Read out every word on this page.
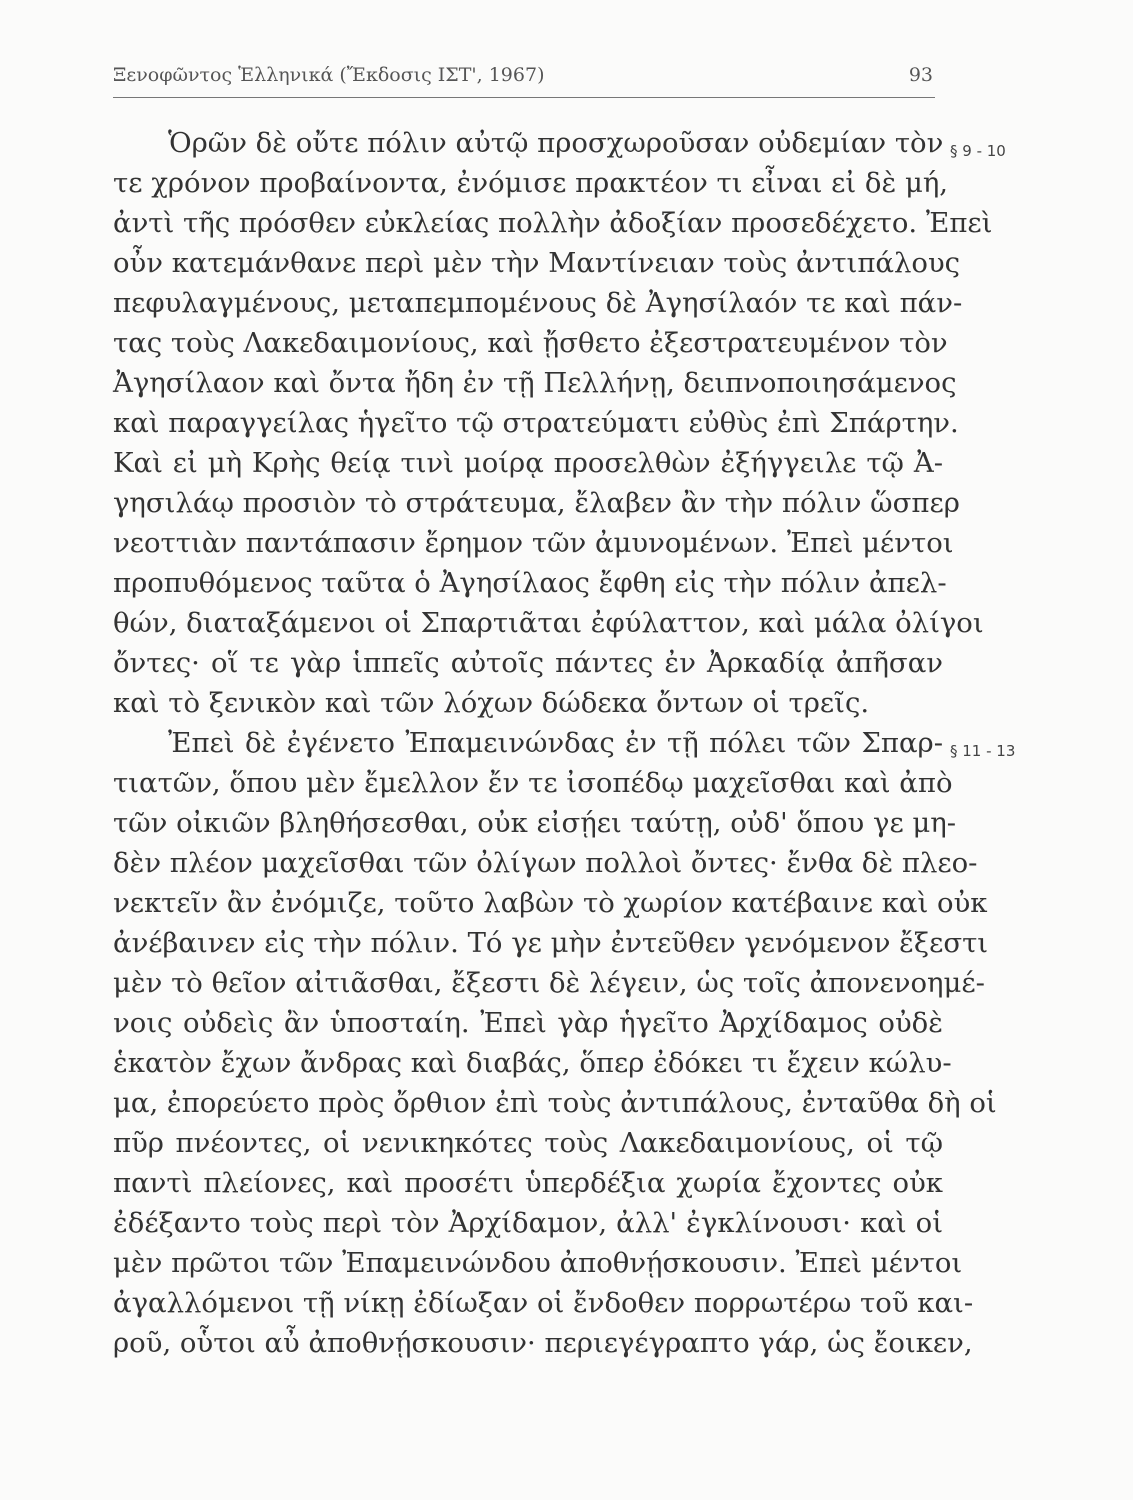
Ξενοφῶντος Ἑλληνικά (Ἔκδοσις ΙΣΤ', 1967)	93
§ 9 - 10
§ 11 - 13
Ὁρῶν δὲ οὔτε πόλιν αὐτῷ προσχωροῦσαν οὐδεμίαν τὸν
τε χρόνον προβαίνοντα, ἐνόμισε πρακτέον τι εἶναι εἰ δὲ μή,
ἀντὶ τῆς πρόσθεν εὐκλείας πολλὴν ἀδοξίαν προσεδέχετο. Ἐπεὶ
οὖν κατεμάνθανε περὶ μὲν τὴν Μαντίνειαν τοὺς ἀντιπάλους
πεφυλαγμένους, μεταπεμπομένους δὲ Ἀγησίλαόν τε καὶ πάν-
τας τοὺς Λακεδαιμονίους, καὶ ᾔσθετο ἐξεστρατευμένον τὸν
Ἀγησίλαον καὶ ὄντα ἤδη ἐν τῇ Πελλήνῃ, δειπνοποιησάμενος
καὶ παραγγείλας ἡγεῖτο τῷ στρατεύματι εὐθὺς ἐπὶ Σπάρτην.
Καὶ εἰ μὴ Κρὴς θείᾳ τινὶ μοίρᾳ προσελθὼν ἐξήγγειλε τῷ Ἀ-
γησιλάῳ προσιὸν τὸ στράτευμα, ἔλαβεν ἂν τὴν πόλιν ὥσπερ
νεοττιὰν παντάπασιν ἔρημον τῶν ἀμυνομένων. Ἐπεὶ μέντοι
προπυθόμενος ταῦτα ὁ Ἀγησίλαος ἔφθη εἰς τὴν πόλιν ἀπελ-
θών, διαταξάμενοι οἱ Σπαρτιᾶται ἐφύλαττον, καὶ μάλα ὀλίγοι
ὄντες· οἵ τε γὰρ ἱππεῖς αὐτοῖς πάντες ἐν Ἀρκαδίᾳ ἀπῆσαν
καὶ τὸ ξενικὸν καὶ τῶν λόχων δώδεκα ὄντων οἱ τρεῖς.
Ἐπεὶ δὲ ἐγένετο Ἐπαμεινώνδας ἐν τῇ πόλει τῶν Σπαρ-
τιατῶν, ὅπου μὲν ἔμελλον ἔν τε ἰσοπέδῳ μαχεῖσθαι καὶ ἀπὸ
τῶν οἰκιῶν βληθήσεσθαι, οὐκ εἰσῄει ταύτῃ, οὐδ' ὅπου γε μη-
δὲν πλέον μαχεῖσθαι τῶν ὀλίγων πολλοὶ ὄντες· ἔνθα δὲ πλεο-
νεκτεῖν ἂν ἐνόμιζε, τοῦτο λαβὼν τὸ χωρίον κατέβαινε καὶ οὐκ
ἀνέβαινεν εἰς τὴν πόλιν. Τό γε μὴν ἐντεῦθεν γενόμενον ἔξεστι
μὲν τὸ θεῖον αἰτιᾶσθαι, ἔξεστι δὲ λέγειν, ὡς τοῖς ἀπονενοημέ-
νοις οὐδεὶς ἂν ὑποσταίη. Ἐπεὶ γὰρ ἡγεῖτο Ἀρχίδαμος οὐδὲ
ἑκατὸν ἔχων ἄνδρας καὶ διαβάς, ὅπερ ἐδόκει τι ἔχειν κώλυ-
μα, ἐπορεύετο πρὸς ὄρθιον ἐπὶ τοὺς ἀντιπάλους, ἐνταῦθα δὴ οἱ
πῦρ πνέοντες, οἱ νενικηκότες τοὺς Λακεδαιμονίους, οἱ τῷ
παντὶ πλείονες, καὶ προσέτι ὑπερδέξια χωρία ἔχοντες οὐκ
ἐδέξαντο τοὺς περὶ τὸν Ἀρχίδαμον, ἀλλ' ἐγκλίνουσι· καὶ οἱ
μὲν πρῶτοι τῶν Ἐπαμεινώνδου ἀποθνῄσκουσιν. Ἐπεὶ μέντοι
ἀγαλλόμενοι τῇ νίκῃ ἐδίωξαν οἱ ἔνδοθεν πορρωτέρω τοῦ και-
ροῦ, οὗτοι αὖ ἀποθνῄσκουσιν· περιεγέγραπτο γάρ, ὡς ἔοικεν,
